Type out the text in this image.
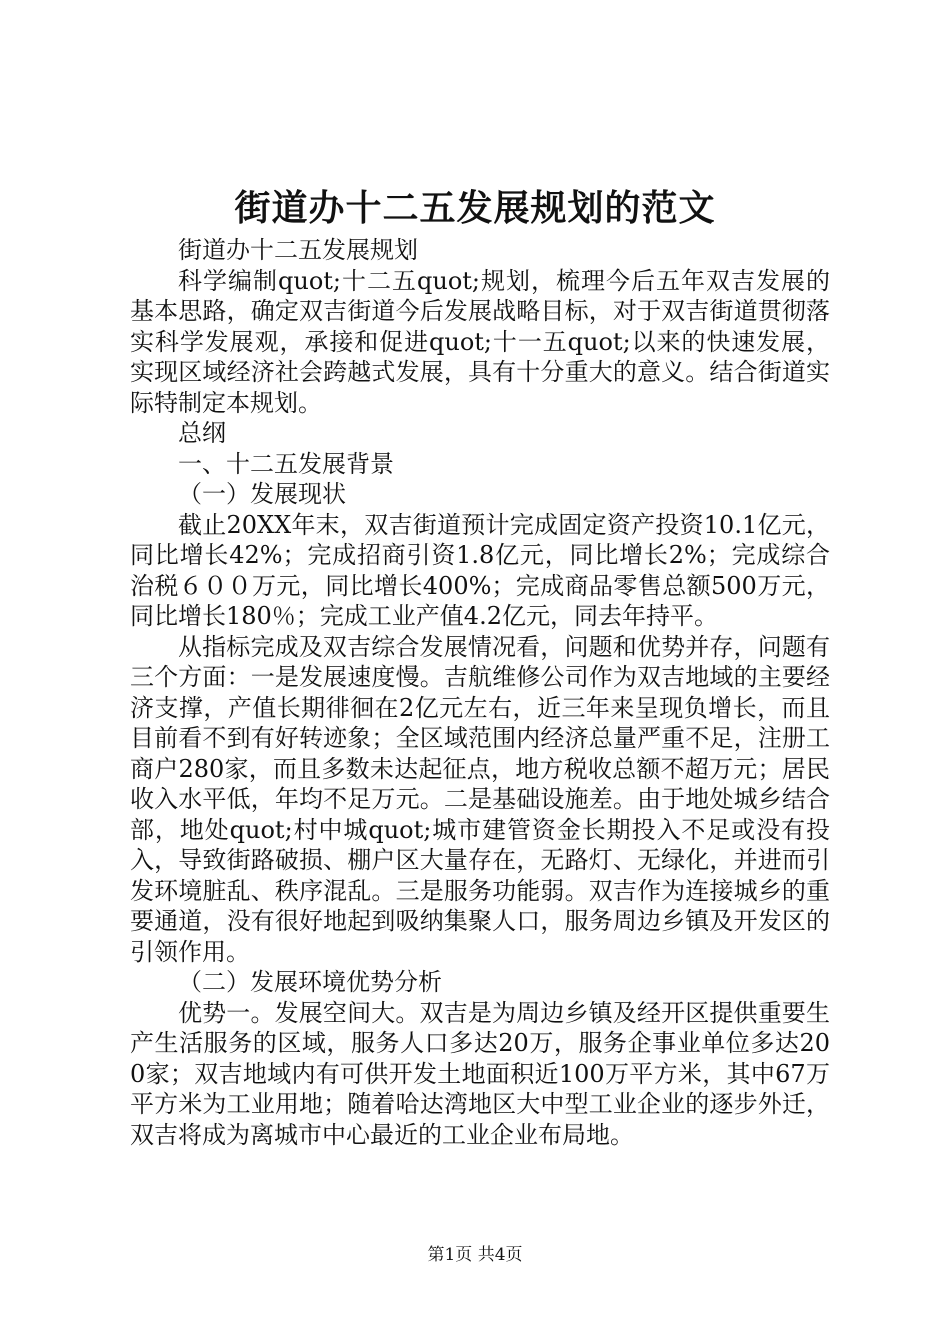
街道办十二五发展规划的范文

街道办十二五发展规划

科学编制quot;十二五quot;规划，梳理今后五年双吉发展的基本思路，确定双吉街道今后发展战略目标，对于双吉街道贯彻落实科学发展观，承接和促进quot;十一五quot;以来的快速发展，实现区域经济社会跨越式发展，具有十分重大的意义。结合街道实际特制定本规划。

总纲

一、十二五发展背景

（一）发展现状

截止20XX年末，双吉街道预计完成固定资产投资10.1亿元，同比增长42%；完成招商引资1.8亿元，同比增长2%；完成综合治税６００万元，同比增长400%；完成商品零售总额500万元，同比增长180％；完成工业产值4.2亿元，同去年持平。

从指标完成及双吉综合发展情况看，问题和优势并存，问题有三个方面：一是发展速度慢。吉航维修公司作为双吉地域的主要经济支撑，产值长期徘徊在2亿元左右，近三年来呈现负增长，而且目前看不到有好转迹象；全区域范围内经济总量严重不足，注册工商户280家，而且多数未达起征点，地方税收总额不超万元；居民收入水平低，年均不足万元。二是基础设施差。由于地处城乡结合部，地处quot;村中城quot;城市建管资金长期投入不足或没有投入，导致街路破损、棚户区大量存在，无路灯、无绿化，并进而引发环境脏乱、秩序混乱。三是服务功能弱。双吉作为连接城乡的重要通道，没有很好地起到吸纳集聚人口，服务周边乡镇及开发区的引领作用。

（二）发展环境优势分析

优势一。发展空间大。双吉是为周边乡镇及经开区提供重要生产生活服务的区域，服务人口多达20万，服务企事业单位多达200家；双吉地域内有可供开发土地面积近100万平方米，其中67万平方米为工业用地；随着哈达湾地区大中型工业企业的逐步外迁，双吉将成为离城市中心最近的工业企业布局地。

第1页 共4页
